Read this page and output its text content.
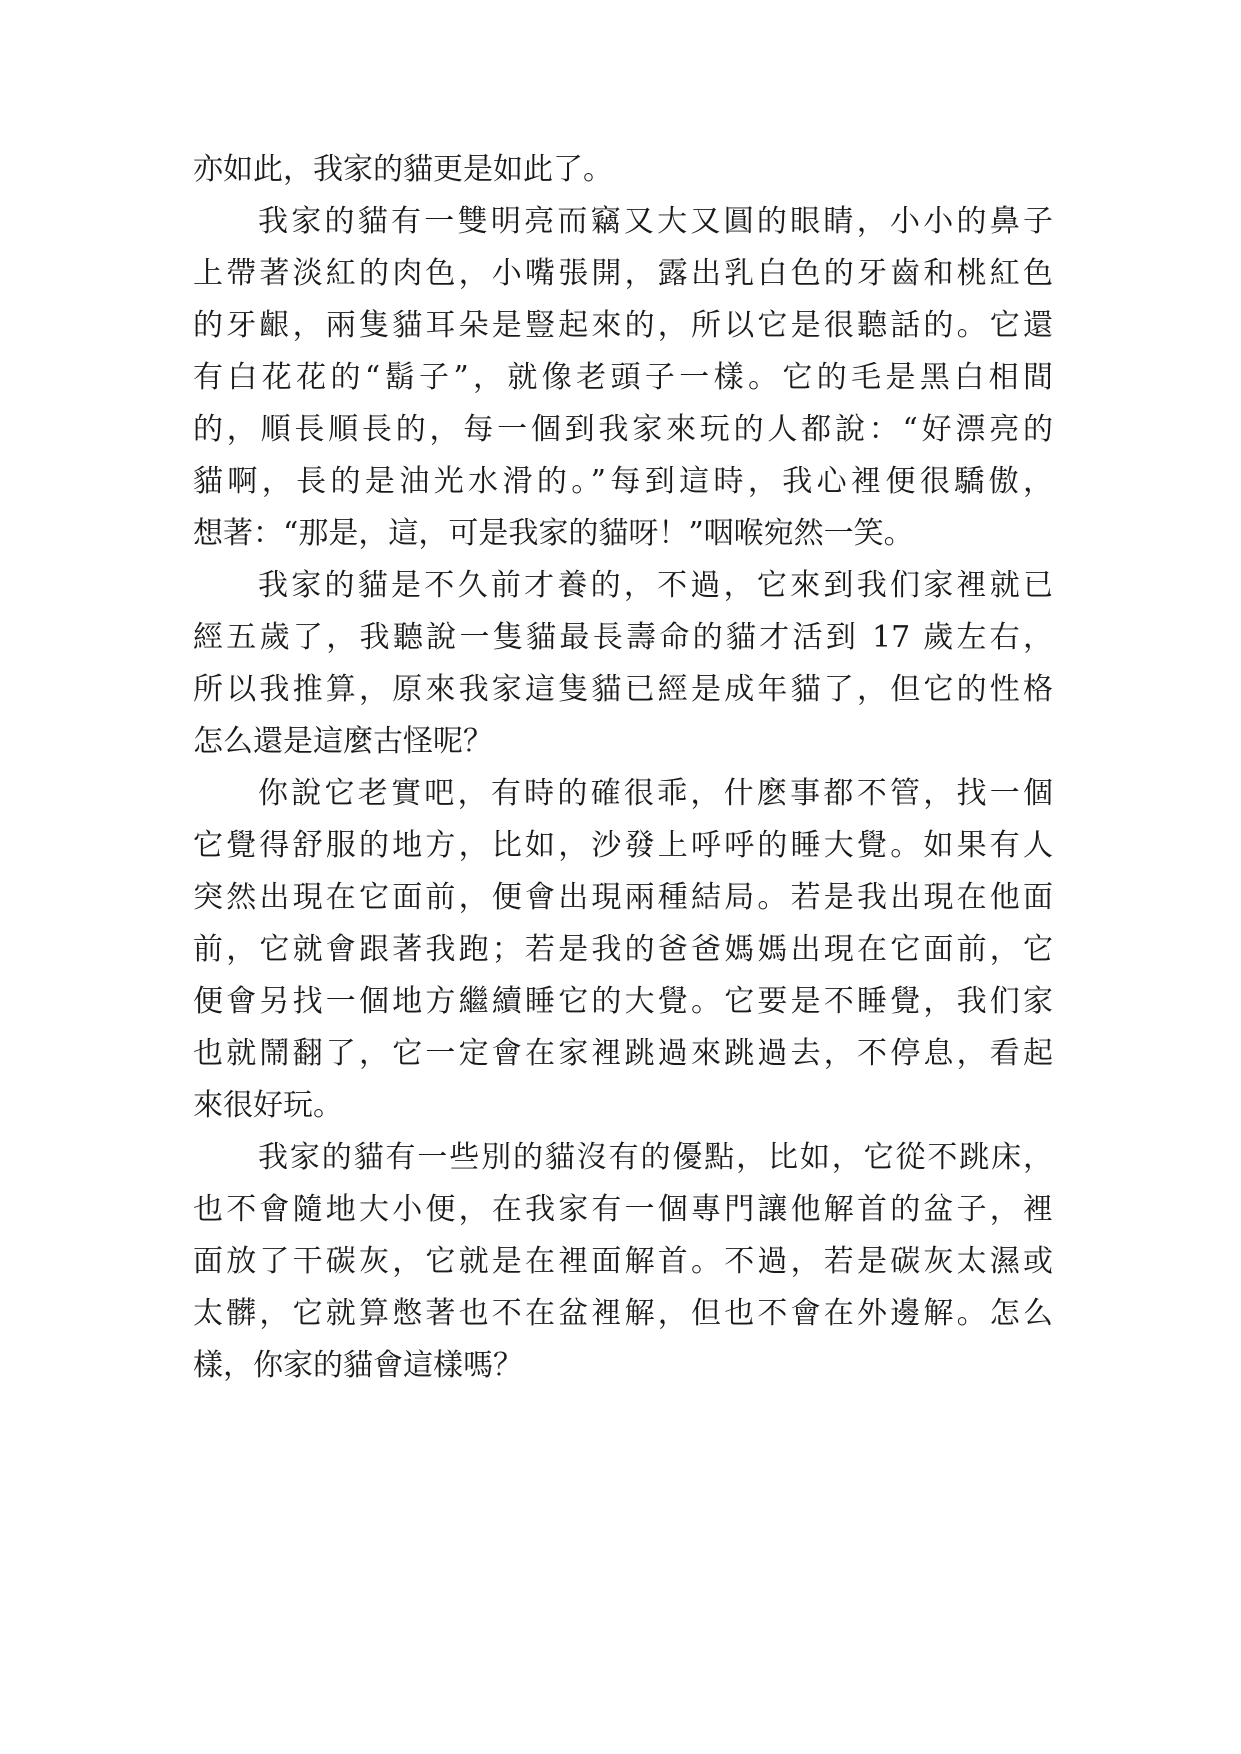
亦如此，我家的貓更是如此了。
我家的貓有一雙明亮而竊又大又圓的眼睛，小小的鼻子
上帶著淡紅的肉色，小嘴張開，露出乳白色的牙齒和桃紅色
的牙齦，兩隻貓耳朵是豎起來的，所以它是很聽話的。它還
有白花花的“鬍子”，就像老頭子一樣。它的毛是黑白相間
的，順長順長的，每一個到我家來玩的人都說：“好漂亮的
貓啊，長的是油光水滑的。”每到這時，我心裡便很驕傲，
想著：“那是，這，可是我家的貓呀！”咽喉宛然一笑。
我家的貓是不久前才養的，不過，它來到我们家裡就已
經五歲了，我聽說一隻貓最長壽命的貓才活到 17 歲左右，
所以我推算，原來我家這隻貓已經是成年貓了，但它的性格
怎么還是這麼古怪呢？
你說它老實吧，有時的確很乖，什麽事都不管，找一個
它覺得舒服的地方，比如，沙發上呼呼的睡大覺。如果有人
突然出現在它面前，便會出現兩種結局。若是我出現在他面
前，它就會跟著我跑；若是我的爸爸媽媽出現在它面前，它
便會另找一個地方繼續睡它的大覺。它要是不睡覺，我们家
也就鬧翻了，它一定會在家裡跳過來跳過去，不停息，看起
來很好玩。
我家的貓有一些別的貓沒有的優點，比如，它從不跳床，
也不會隨地大小便，在我家有一個專門讓他解首的盆子，裡
面放了干碳灰，它就是在裡面解首。不過，若是碳灰太濕或
太髒，它就算憋著也不在盆裡解，但也不會在外邊解。怎么
樣，你家的貓會這樣嗎？
